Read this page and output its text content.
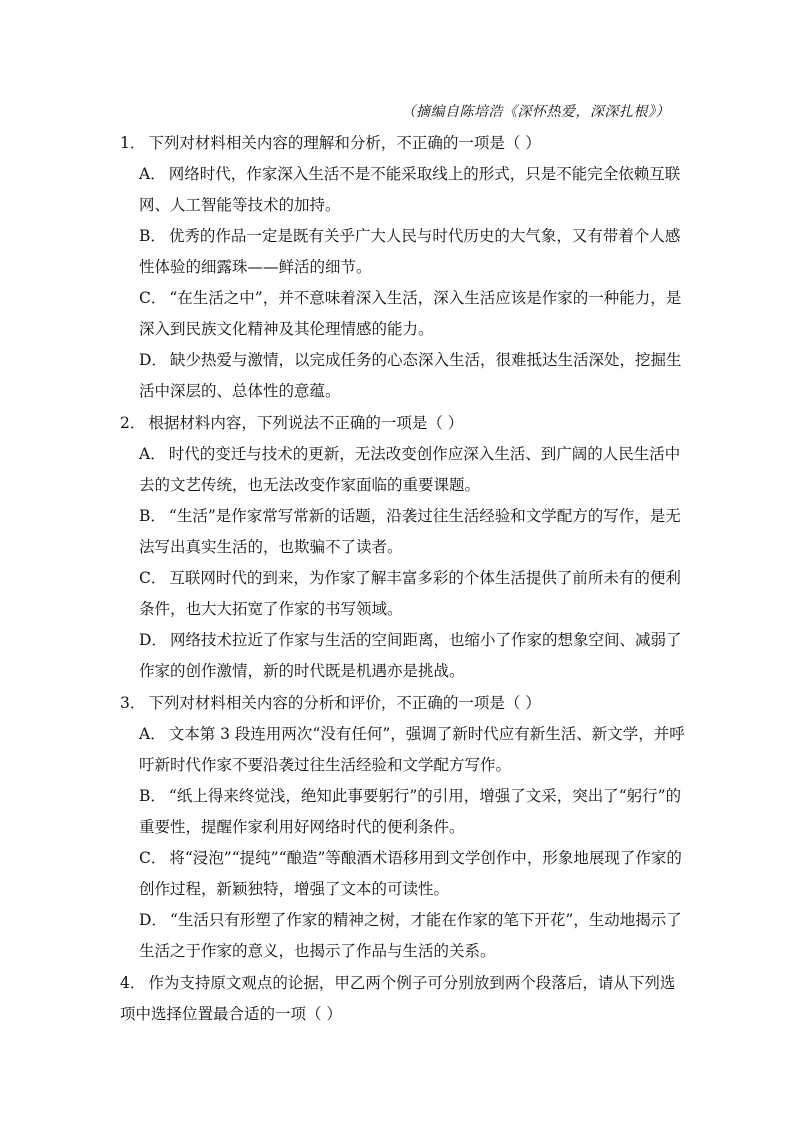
（摘编自陈培浩《深怀热爱，深深扎根》）
1． 下列对材料相关内容的理解和分析，不正确的一项是（ ）
A． 网络时代，作家深入生活不是不能采取线上的形式，只是不能完全依赖互联网、人工智能等技术的加持。
B． 优秀的作品一定是既有关乎广大人民与时代历史的大气象，又有带着个人感性体验的细露珠——鲜活的细节。
C． “在生活之中”，并不意味着深入生活，深入生活应该是作家的一种能力，是深入到民族文化精神及其伦理情感的能力。
D． 缺少热爱与激情，以完成任务的心态深入生活，很难抵达生活深处，挖掘生活中深层的、总体性的意蕴。
2． 根据材料内容，下列说法不正确的一项是（ ）
A． 时代的变迁与技术的更新，无法改变创作应深入生活、到广阔的人民生活中去的文艺传统，也无法改变作家面临的重要课题。
B． “生活”是作家常写常新的话题，沿袭过往生活经验和文学配方的写作，是无法写出真实生活的，也欺骗不了读者。
C． 互联网时代的到来，为作家了解丰富多彩的个体生活提供了前所未有的便利条件，也大大拓宽了作家的书写领域。
D． 网络技术拉近了作家与生活的空间距离，也缩小了作家的想象空间、减弱了作家的创作激情，新的时代既是机遇亦是挑战。
3． 下列对材料相关内容的分析和评价，不正确的一项是（ ）
A． 文本第 3 段连用两次“没有任何”，强调了新时代应有新生活、新文学，并呼吁新时代作家不要沿袭过往生活经验和文学配方写作。
B． “纸上得来终觉浅，绝知此事要躬行”的引用，增强了文采，突出了“躬行”的重要性，提醒作家利用好网络时代的便利条件。
C． 将“浸泡”“提纯”“酿造”等酿酒术语移用到文学创作中，形象地展现了作家的创作过程，新颖独特，增强了文本的可读性。
D． “生活只有形塑了作家的精神之树，才能在作家的笔下开花”，生动地揭示了生活之于作家的意义，也揭示了作品与生活的关系。
4． 作为支持原文观点的论据，甲乙两个例子可分别放到两个段落后，请从下列选项中选择位置最合适的一项（ ）
